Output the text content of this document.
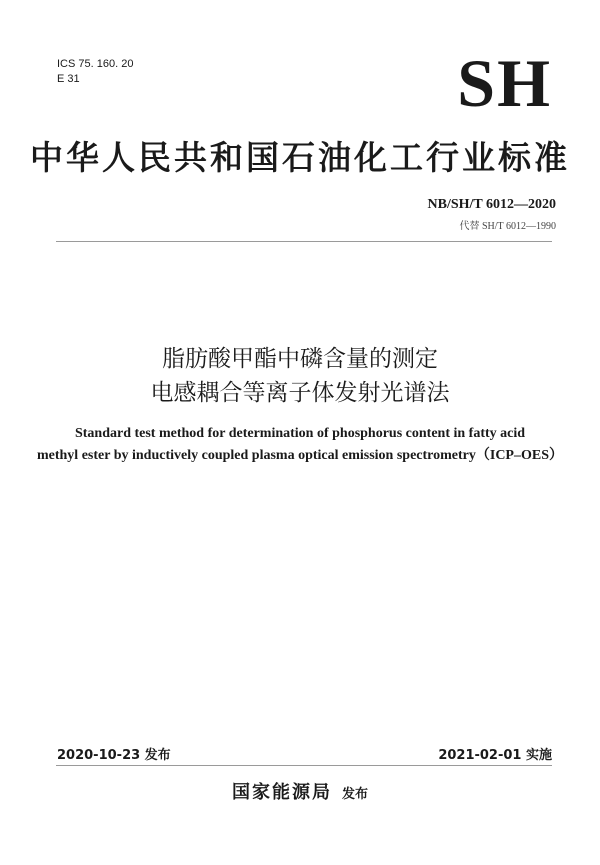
ICS 75. 160. 20
E 31	SH
中华人民共和国石油化工行业标准
NB/SH/T 6012—2020
代替 SH/T 6012—1990
脂肪酸甲酯中磷含量的测定
电感耦合等离子体发射光谱法
Standard test method for determination of phosphorus content in fatty acid
methyl ester by inductively coupled plasma optical emission spectrometry（ICP–OES）
2020-10-23 发布	2021-02-01 实施
国家能源局 发布
